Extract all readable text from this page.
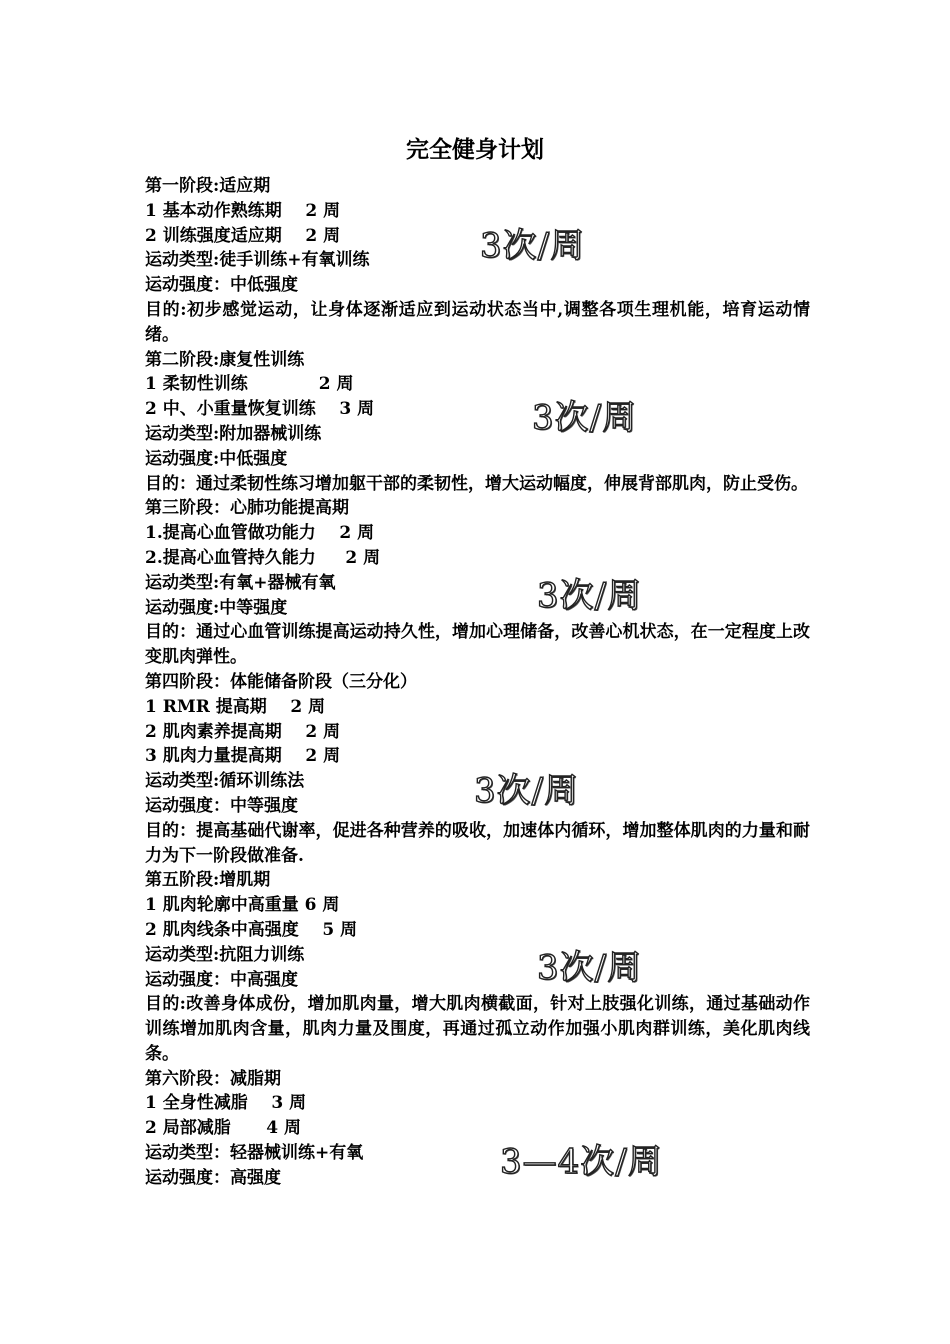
完全健身计划

第一阶段:适应期

1 基本动作熟练期    2 周

2 训练强度适应期    2 周

运动类型:徒手训练+有氧训练

运动强度：中低强度

目的:初步感觉运动，让身体逐渐适应到运动状态当中,调整各项生理机能，培育运动情绪。

第二阶段:康复性训练

1 柔韧性训练            2 周

2 中、小重量恢复训练    3 周

运动类型:附加器械训练

运动强度:中低强度

目的：通过柔韧性练习增加躯干部的柔韧性，增大运动幅度，伸展背部肌肉，防止受伤。

第三阶段：心肺功能提高期

1.提高心血管做功能力    2 周

2.提高心血管持久能力     2 周

运动类型:有氧+器械有氧

运动强度:中等强度

目的：通过心血管训练提高运动持久性，增加心理储备，改善心机状态，在一定程度上改变肌肉弹性。

第四阶段：体能储备阶段（三分化）

1 RMR 提高期    2 周

2 肌肉素养提高期    2 周

3 肌肉力量提高期    2 周

运动类型:循环训练法

运动强度：中等强度

目的：提高基础代谢率，促进各种营养的吸收，加速体内循环，增加整体肌肉的力量和耐力为下一阶段做准备.

第五阶段:增肌期

1 肌肉轮廓中高重量 6 周

2 肌肉线条中高强度    5 周

运动类型:抗阻力训练

运动强度：中高强度

目的:改善身体成份，增加肌肉量，增大肌肉横截面，针对上肢强化训练，通过基础动作训练增加肌肉含量，肌肉力量及围度，再通过孤立动作加强小肌肉群训练，美化肌肉线条。

第六阶段：减脂期

1 全身性减脂    3 周

2 局部减脂      4 周

运动类型：轻器械训练+有氧

运动强度：高强度

3次/周
3次/周
3次/周
3次/周
3次/周
3—4次/周
